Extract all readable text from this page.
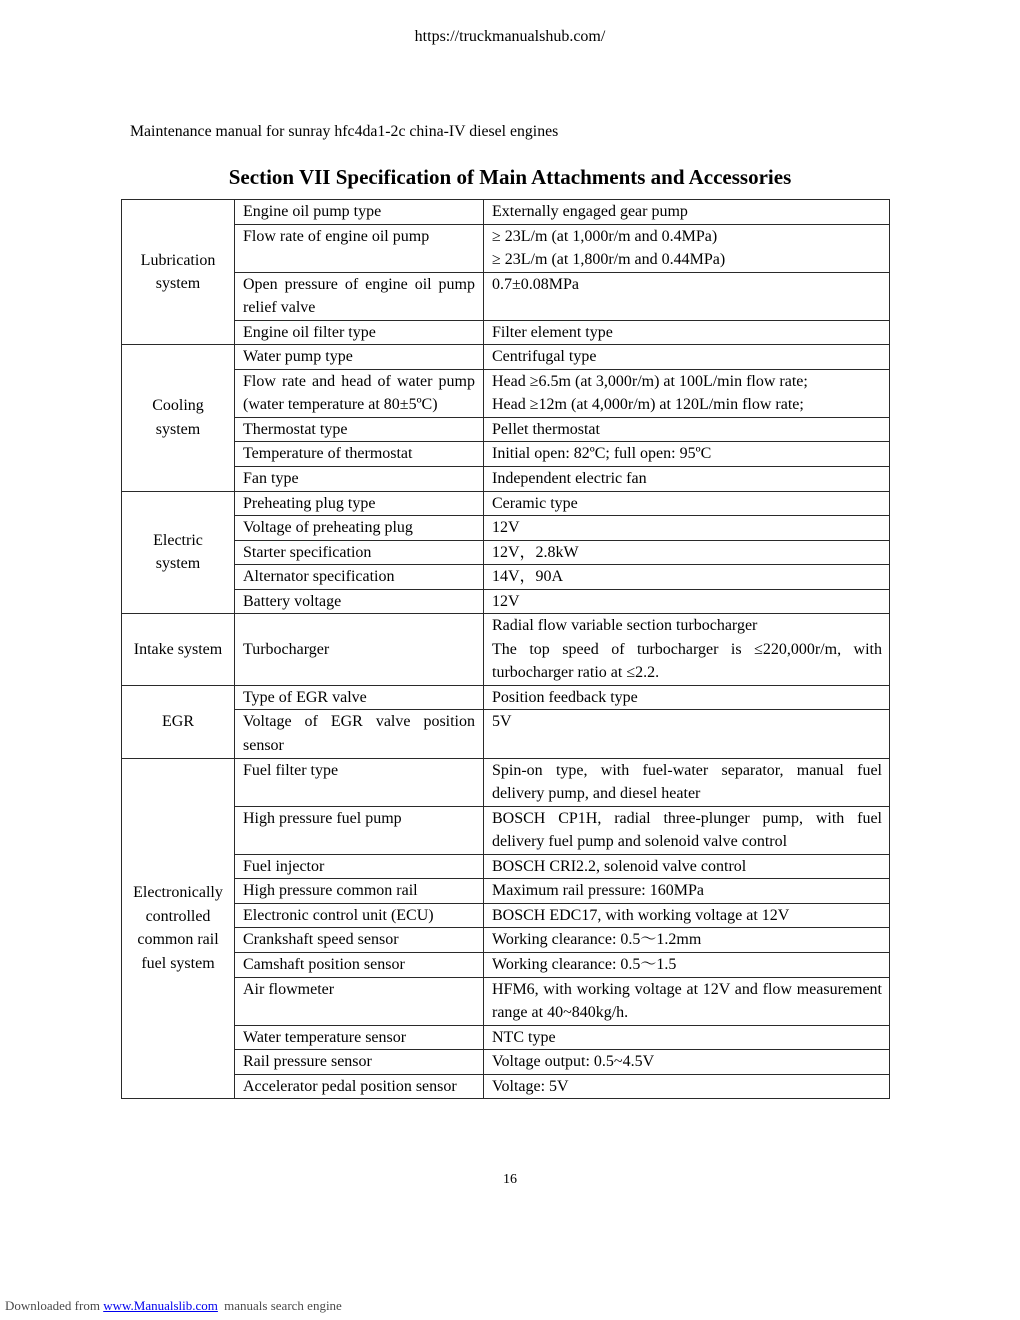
https://truckmanualshub.com/
Maintenance manual for sunray hfc4da1-2c china-IV diesel engines
Section VII Specification of Main Attachments and Accessories
Lubrication
system	Engine oil pump type	Externally engaged gear pump

	Flow rate of engine oil pump	≥ 23L/m (at 1,000r/m and 0.4MPa)
≥ 23L/m (at 1,800r/m and 0.44MPa)

	Open pressure of engine oil pump relief valve	0.7±0.08MPa

	Engine oil filter type	Filter element type

Cooling
system	Water pump type	Centrifugal type

	Flow rate and head of water pump (water temperature at 80±5ºC)	Head ≥6.5m (at 3,000r/m) at 100L/min flow rate;
Head ≥12m (at 4,000r/m) at 120L/min flow rate;

	Thermostat type	Pellet thermostat

	Temperature of thermostat	Initial open: 82ºC; full open: 95ºC

	Fan type	Independent electric fan

Electric
system	Preheating plug type	Ceramic type

	Voltage of preheating plug	12V

	Starter specification	12V，2.8kW

	Alternator specification	14V，90A

	Battery voltage	12V

Intake system	Turbocharger	Radial flow variable section turbocharger
The top speed of turbocharger is ≤220,000r/m, with
turbocharger ratio at ≤2.2.

EGR	Type of EGR valve	Position feedback type

	Voltage of EGR valve position sensor	5V

Electronically
controlled
common rail
fuel system	Fuel filter type	Spin-on type, with fuel-water separator, manual fuel
delivery pump, and diesel heater

	High pressure fuel pump	BOSCH CP1H, radial three-plunger pump, with fuel
delivery fuel pump and solenoid valve control

	Fuel injector	BOSCH CRI2.2, solenoid valve control

	High pressure common rail	Maximum rail pressure: 160MPa

	Electronic control unit (ECU)	BOSCH EDC17, with working voltage at 12V

	Crankshaft speed sensor	Working clearance: 0.5～1.2mm

	Camshaft position sensor	Working clearance: 0.5～1.5

	Air flowmeter	HFM6, with working voltage at 12V and flow measurement
range at 40~840kg/h.

	Water temperature sensor	NTC type

	Rail pressure sensor	Voltage output: 0.5~4.5V

	Accelerator pedal position sensor	Voltage: 5V
16
Downloaded from www.Manualslib.com manuals search engine
